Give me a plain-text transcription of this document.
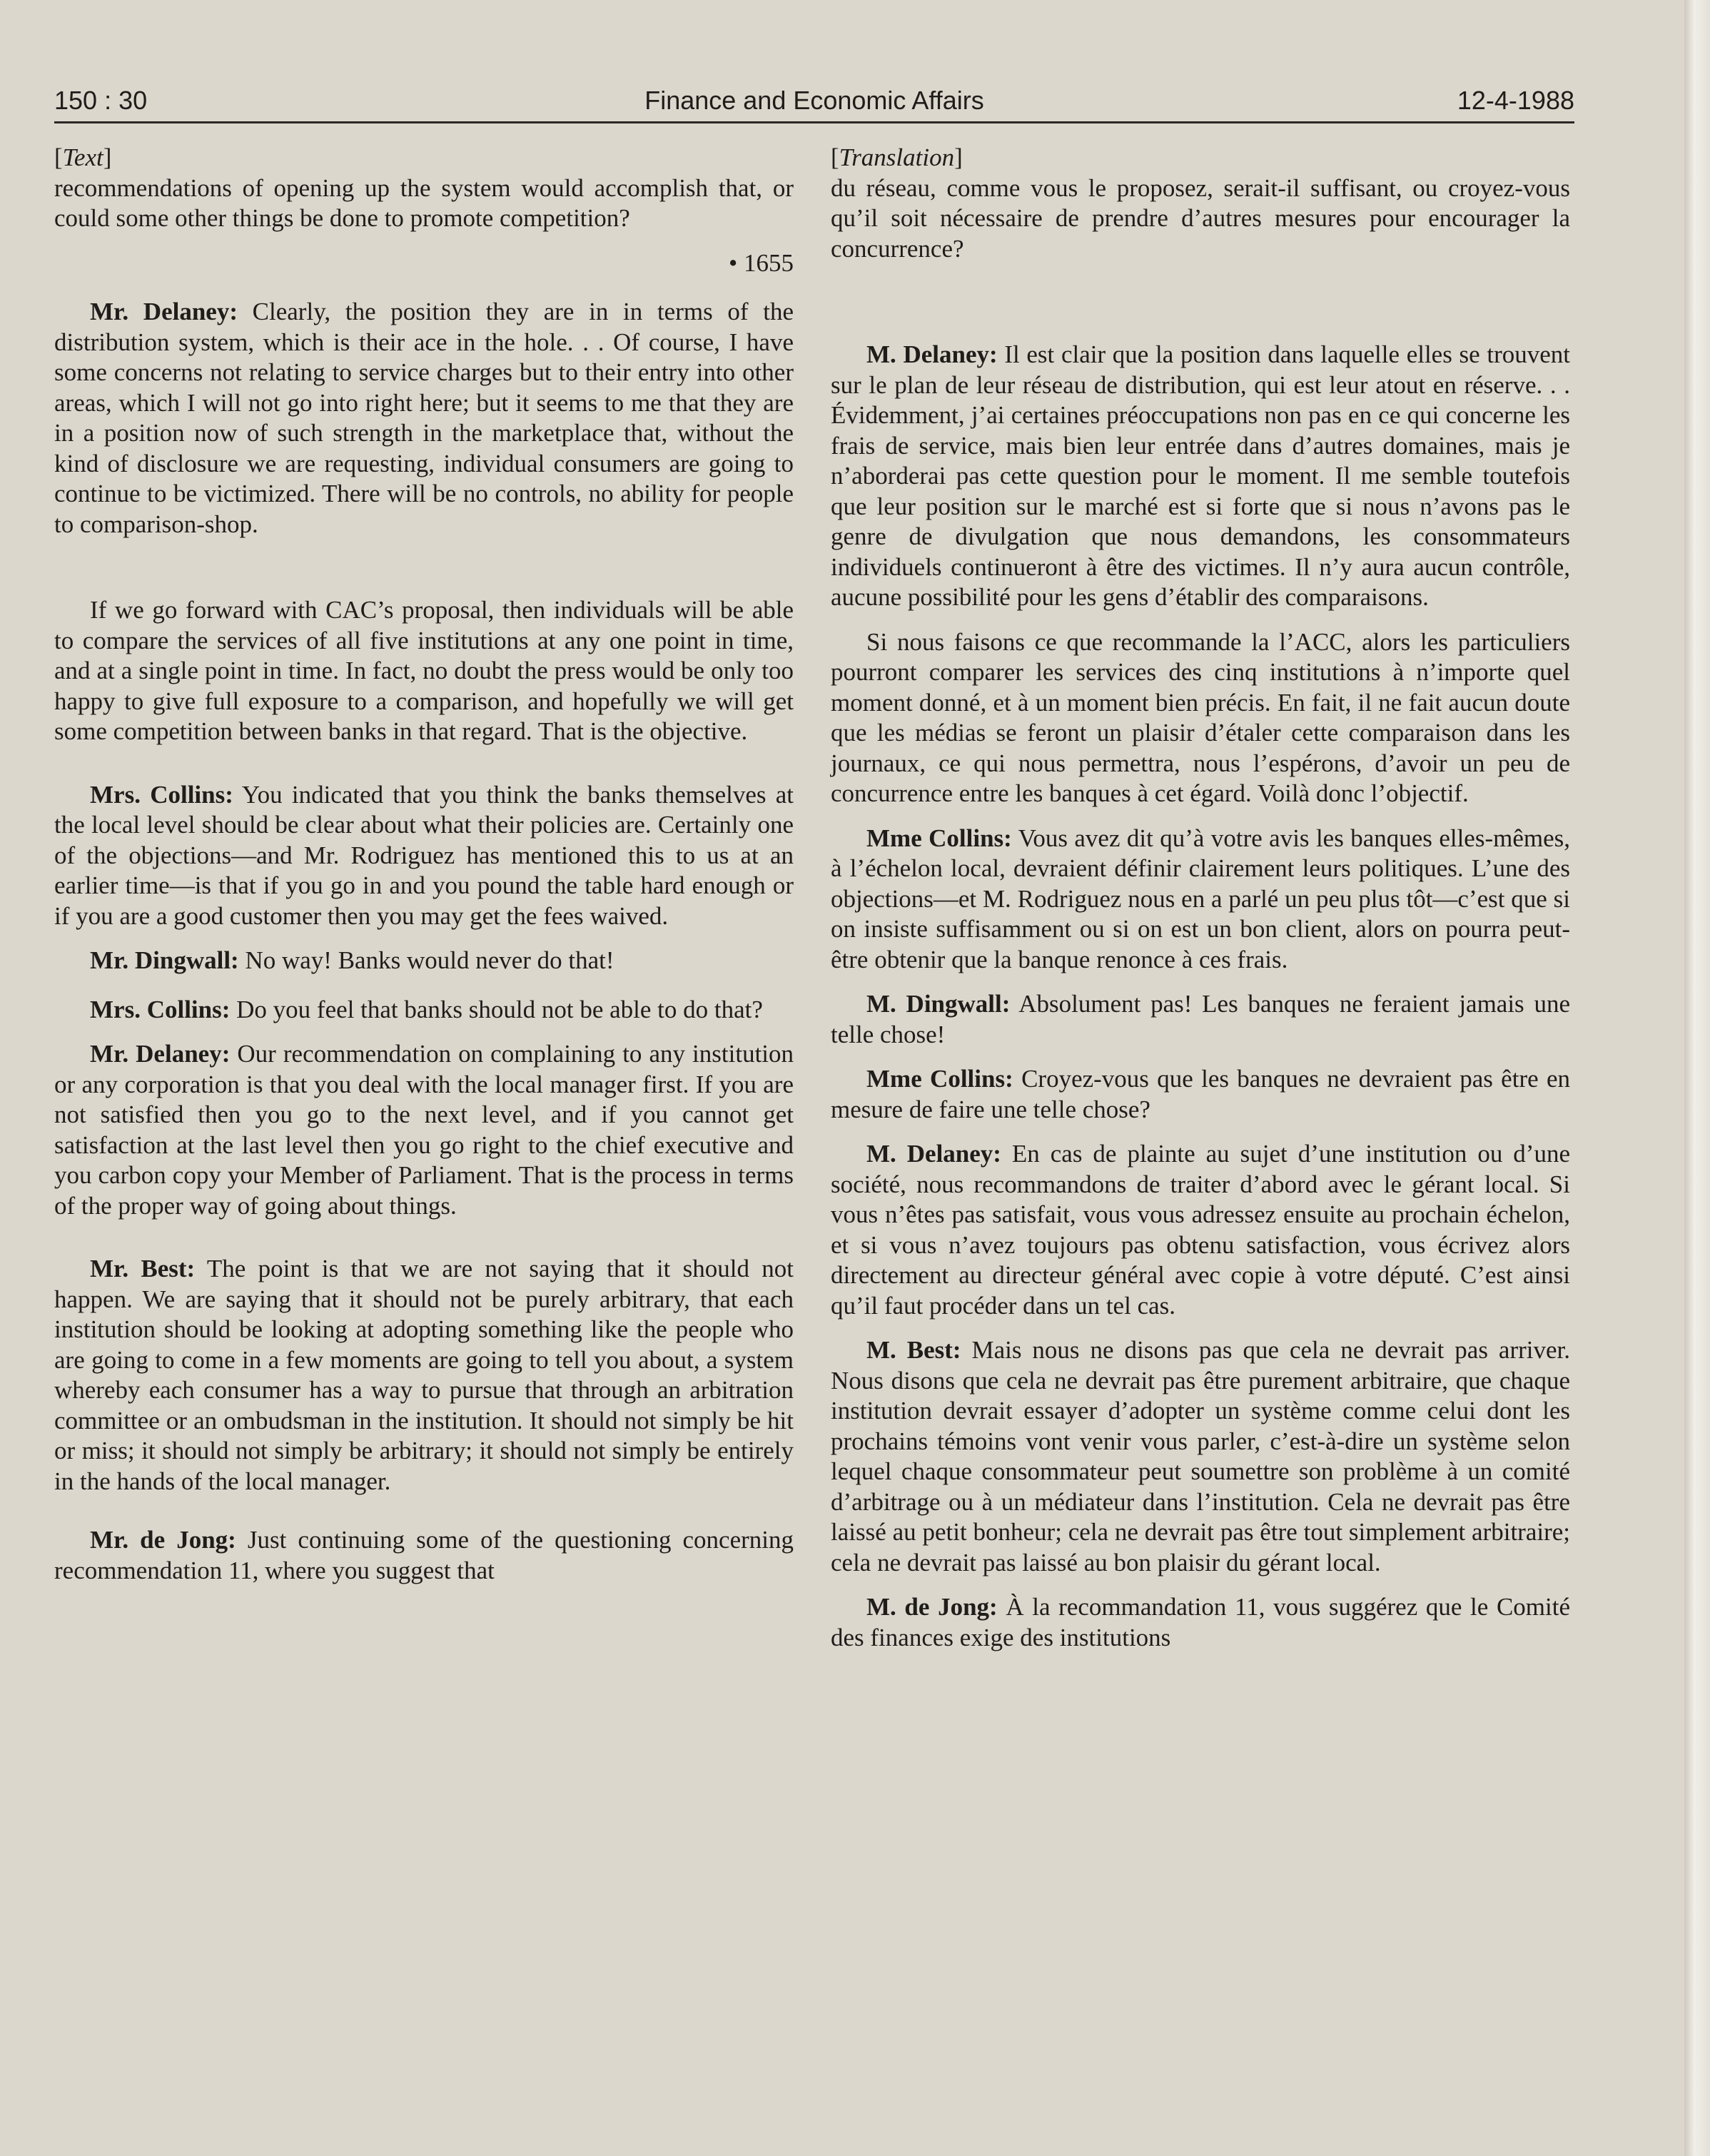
150 : 30	Finance and Economic Affairs	12-4-1988
[Text]

recommendations of opening up the system would accomplish that, or could some other things be done to promote competition?

• 1655

Mr. Delaney: Clearly, the position they are in in terms of the distribution system, which is their ace in the hole. . . Of course, I have some concerns not relating to service charges but to their entry into other areas, which I will not go into right here; but it seems to me that they are in a position now of such strength in the marketplace that, without the kind of disclosure we are requesting, individual consumers are going to continue to be victimized. There will be no controls, no ability for people to comparison-shop.

If we go forward with CAC’s proposal, then individuals will be able to compare the services of all five institutions at any one point in time, and at a single point in time. In fact, no doubt the press would be only too happy to give full exposure to a comparison, and hopefully we will get some competition between banks in that regard. That is the objective.

Mrs. Collins: You indicated that you think the banks themselves at the local level should be clear about what their policies are. Certainly one of the objections—and Mr. Rodriguez has mentioned this to us at an earlier time—is that if you go in and you pound the table hard enough or if you are a good customer then you may get the fees waived.

Mr. Dingwall: No way! Banks would never do that!

Mrs. Collins: Do you feel that banks should not be able to do that?

Mr. Delaney: Our recommendation on complaining to any institution or any corporation is that you deal with the local manager first. If you are not satisfied then you go to the next level, and if you cannot get satisfaction at the last level then you go right to the chief executive and you carbon copy your Member of Parliament. That is the process in terms of the proper way of going about things.

Mr. Best: The point is that we are not saying that it should not happen. We are saying that it should not be purely arbitrary, that each institution should be looking at adopting something like the people who are going to come in a few moments are going to tell you about, a system whereby each consumer has a way to pursue that through an arbitration committee or an ombudsman in the institution. It should not simply be hit or miss; it should not simply be arbitrary; it should not simply be entirely in the hands of the local manager.

Mr. de Jong: Just continuing some of the questioning concerning recommendation 11, where you suggest that

[Translation]

du réseau, comme vous le proposez, serait-il suffisant, ou croyez-vous qu’il soit nécessaire de prendre d’autres mesures pour encourager la concurrence?

M. Delaney: Il est clair que la position dans laquelle elles se trouvent sur le plan de leur réseau de distribution, qui est leur atout en réserve. . . Évidemment, j’ai certaines préoccupations non pas en ce qui concerne les frais de service, mais bien leur entrée dans d’autres domaines, mais je n’aborderai pas cette question pour le moment. Il me semble toutefois que leur position sur le marché est si forte que si nous n’avons pas le genre de divulgation que nous demandons, les consommateurs individuels continueront à être des victimes. Il n’y aura aucun contrôle, aucune possibilité pour les gens d’établir des comparaisons.

Si nous faisons ce que recommande la l’ACC, alors les particuliers pourront comparer les services des cinq institutions à n’importe quel moment donné, et à un moment bien précis. En fait, il ne fait aucun doute que les médias se feront un plaisir d’étaler cette comparaison dans les journaux, ce qui nous permettra, nous l’espérons, d’avoir un peu de concurrence entre les banques à cet égard. Voilà donc l’objectif.

Mme Collins: Vous avez dit qu’à votre avis les banques elles-mêmes, à l’échelon local, devraient définir clairement leurs politiques. L’une des objections—et M. Rodriguez nous en a parlé un peu plus tôt—c’est que si on insiste suffisamment ou si on est un bon client, alors on pourra peut-être obtenir que la banque renonce à ces frais.

M. Dingwall: Absolument pas! Les banques ne feraient jamais une telle chose!

Mme Collins: Croyez-vous que les banques ne devraient pas être en mesure de faire une telle chose?

M. Delaney: En cas de plainte au sujet d’une institution ou d’une société, nous recommandons de traiter d’abord avec le gérant local. Si vous n’êtes pas satisfait, vous vous adressez ensuite au prochain échelon, et si vous n’avez toujours pas obtenu satisfaction, vous écrivez alors directement au directeur général avec copie à votre député. C’est ainsi qu’il faut procéder dans un tel cas.

M. Best: Mais nous ne disons pas que cela ne devrait pas arriver. Nous disons que cela ne devrait pas être purement arbitraire, que chaque institution devrait essayer d’adopter un système comme celui dont les prochains témoins vont venir vous parler, c’est-à-dire un système selon lequel chaque consommateur peut soumettre son problème à un comité d’arbitrage ou à un médiateur dans l’institution. Cela ne devrait pas être laissé au petit bonheur; cela ne devrait pas être tout simplement arbitraire; cela ne devrait pas laissé au bon plaisir du gérant local.

M. de Jong: À la recommandation 11, vous suggérez que le Comité des finances exige des institutions
